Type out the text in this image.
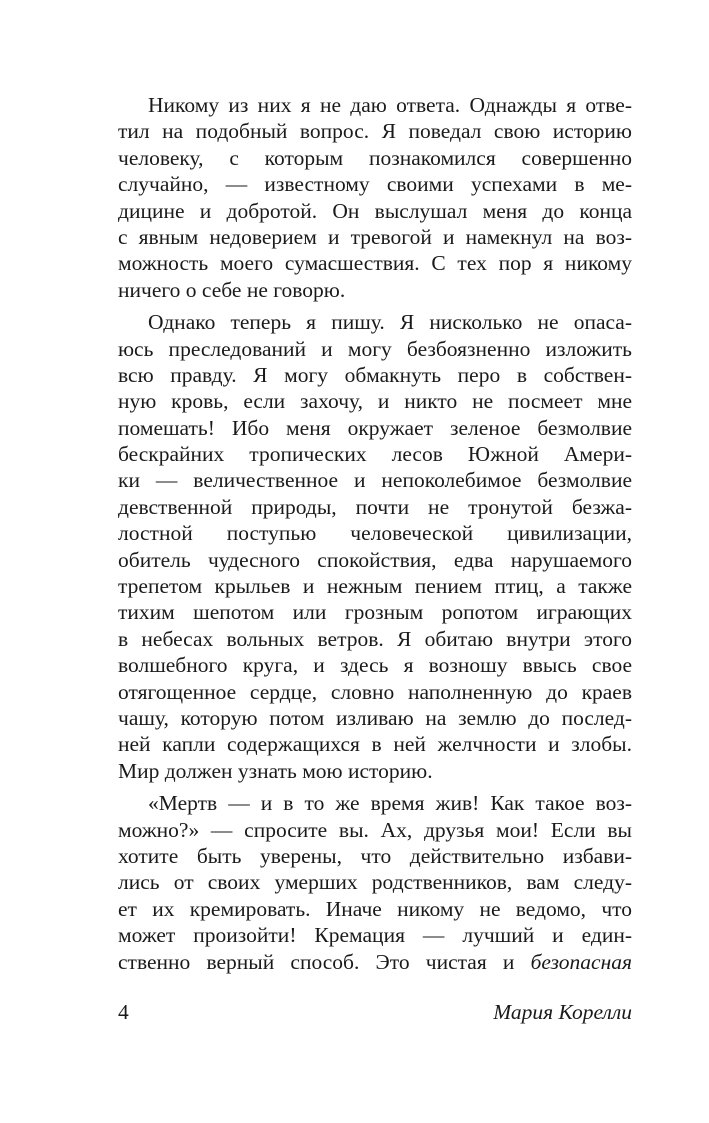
Никому из них я не даю ответа. Однажды я отве-
тил на подобный вопрос. Я поведал свою историю
человеку, с которым познакомился совершенно
случайно, — известному своими успехами в ме-
дицине и добротой. Он выслушал меня до конца
с явным недоверием и тревогой и намекнул на воз-
можность моего сумасшествия. С тех пор я никому
ничего о себе не говорю.
Однако теперь я пишу. Я нисколько не опаса-
юсь преследований и могу безбоязненно изложить
всю правду. Я могу обмакнуть перо в собствен-
ную кровь, если захочу, и никто не посмеет мне
помешать! Ибо меня окружает зеленое безмолвие
бескрайних тропических лесов Южной Амери-
ки — величественное и непоколебимое безмолвие
девственной природы, почти не тронутой безжа-
лостной поступью человеческой цивилизации,
обитель чудесного спокойствия, едва нарушаемого
трепетом крыльев и нежным пением птиц, а также
тихим шепотом или грозным ропотом играющих
в небесах вольных ветров. Я обитаю внутри этого
волшебного круга, и здесь я возношу ввысь свое
отягощенное сердце, словно наполненную до краев
чашу, которую потом изливаю на землю до послед-
ней капли содержащихся в ней желчности и злобы.
Мир должен узнать мою историю.
«Мертв — и в то же время жив! Как такое воз-
можно?» — спросите вы. Ах, друзья мои! Если вы
хотите быть уверены, что действительно избави-
лись от своих умерших родственников, вам следу-
ет их кремировать. Иначе никому не ведомо, что
может произойти! Кремация — лучший и един-
ственно верный способ. Это чистая и безопасная
4	Мария Корелли
